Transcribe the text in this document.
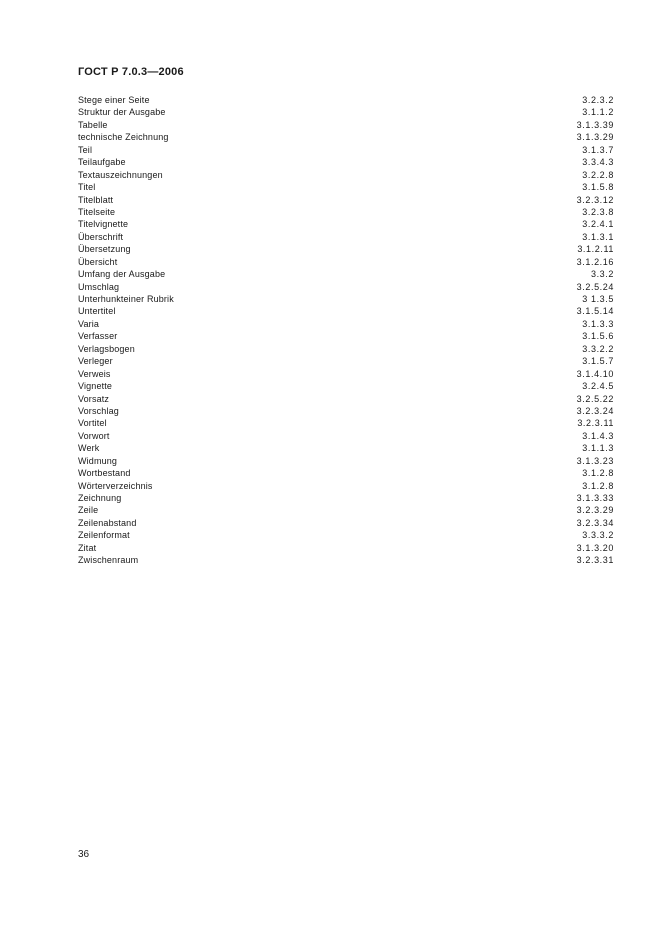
ГОСТ Р 7.0.3—2006
Stege einer Seite	3.2.3.2
Struktur der Ausgabe	3.1.1.2
Tabelle	3.1.3.39
technische Zeichnung	3.1.3.29
Teil	3.1.3.7
Teilaufgabe	3.3.4.3
Textauszeichnungen	3.2.2.8
Titel	3.1.5.8
Titelblatt	3.2.3.12
Titelseite	3.2.3.8
Titelvignette	3.2.4.1
Überschrift	3.1.3.1
Übersetzung	3.1.2.11
Übersicht	3.1.2.16
Umfang der Ausgabe	3.3.2
Umschlag	3.2.5.24
Unterhunkteiner Rubrik	3 1.3.5
Untertitel	3.1.5.14
Varia	3.1.3.3
Verfasser	3.1.5.6
Verlagsbogen	3.3.2.2
Verleger	3.1.5.7
Verweis	3.1.4.10
Vignette	3.2.4.5
Vorsatz	3.2.5.22
Vorschlag	3.2.3.24
Vortitel	3.2.3.11
Vorwort	3.1.4.3
Werk	3.1.1.3
Widmung	3.1.3.23
Wortbestand	3.1.2.8
Wörterverzeichnis	3.1.2.8
Zeichnung	3.1.3.33
Zeile	3.2.3.29
Zeilenabstand	3.2.3.34
Zeilenformat	3.3.3.2
Zitat	3.1.3.20
Zwischenraum	3.2.3.31
36
